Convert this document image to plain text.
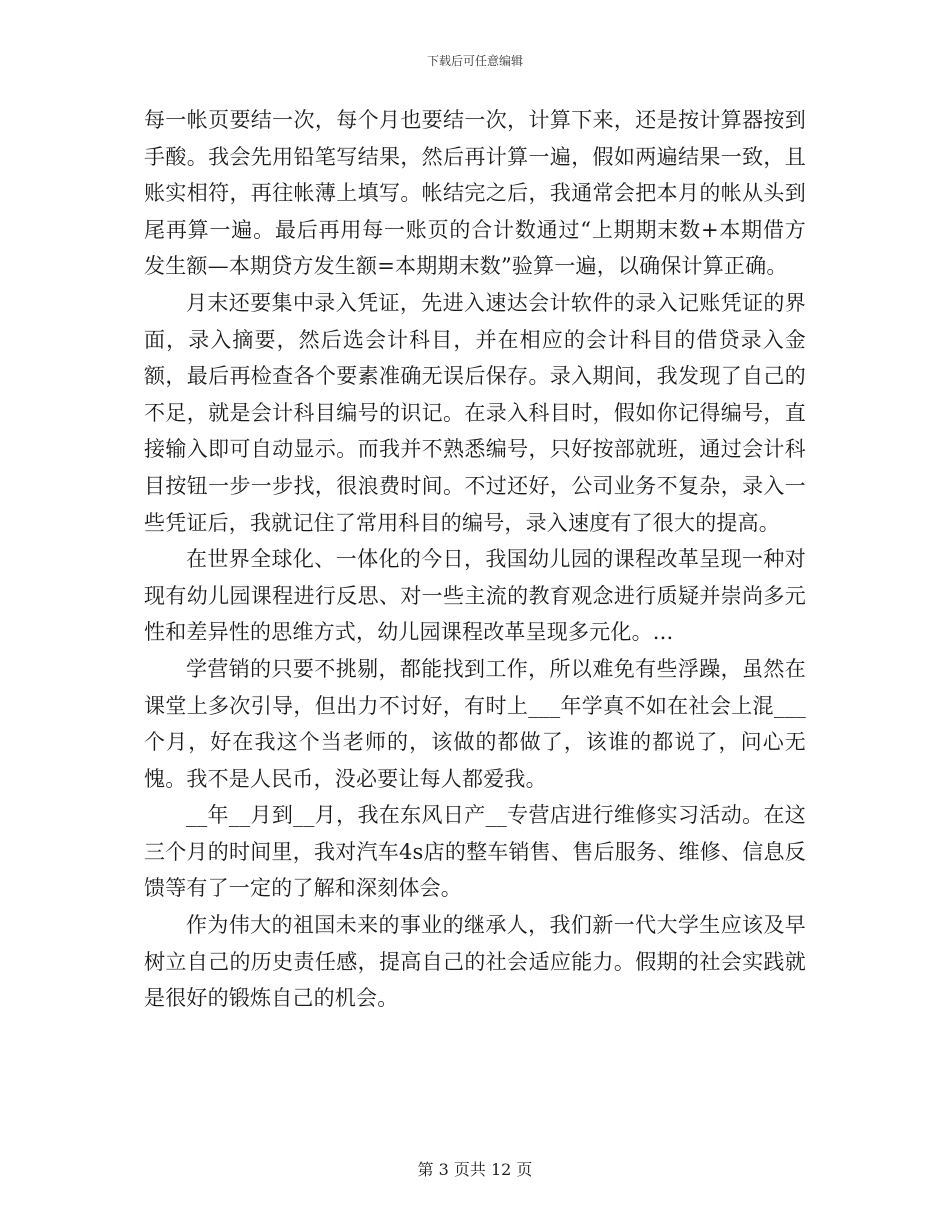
下载后可任意编辑

每一帐页要结一次，每个月也要结一次，计算下来，还是按计算器按到手酸。我会先用铅笔写结果，然后再计算一遍，假如两遍结果一致，且账实相符，再往帐薄上填写。帐结完之后，我通常会把本月的帐从头到尾再算一遍。最后再用每一账页的合计数通过“上期期末数+本期借方发生额—本期贷方发生额=本期期末数”验算一遍，以确保计算正确。

月末还要集中录入凭证，先进入速达会计软件的录入记账凭证的界面，录入摘要，然后选会计科目，并在相应的会计科目的借贷录入金额，最后再检查各个要素准确无误后保存。录入期间，我发现了自己的不足，就是会计科目编号的识记。在录入科目时，假如你记得编号，直接输入即可自动显示。而我并不熟悉编号，只好按部就班，通过会计科目按钮一步一步找，很浪费时间。不过还好，公司业务不复杂，录入一些凭证后，我就记住了常用科目的编号，录入速度有了很大的提高。

在世界全球化、一体化的今日，我国幼儿园的课程改革呈现一种对现有幼儿园课程进行反思、对一些主流的教育观念进行质疑并崇尚多元性和差异性的思维方式，幼儿园课程改革呈现多元化。...

学营销的只要不挑剔，都能找到工作，所以难免有些浮躁，虽然在课堂上多次引导，但出力不讨好，有时上___年学真不如在社会上混___个月，好在我这个当老师的，该做的都做了，该谁的都说了，问心无愧。我不是人民币，没必要让每人都爱我。

__年__月到__月，我在东风日产__专营店进行维修实习活动。在这三个月的时间里，我对汽车4s店的整车销售、售后服务、维修、信息反馈等有了一定的了解和深刻体会。

作为伟大的祖国未来的事业的继承人，我们新一代大学生应该及早树立自己的历史责任感，提高自己的社会适应能力。假期的社会实践就是很好的锻炼自己的机会。

第 3 页共 12 页
